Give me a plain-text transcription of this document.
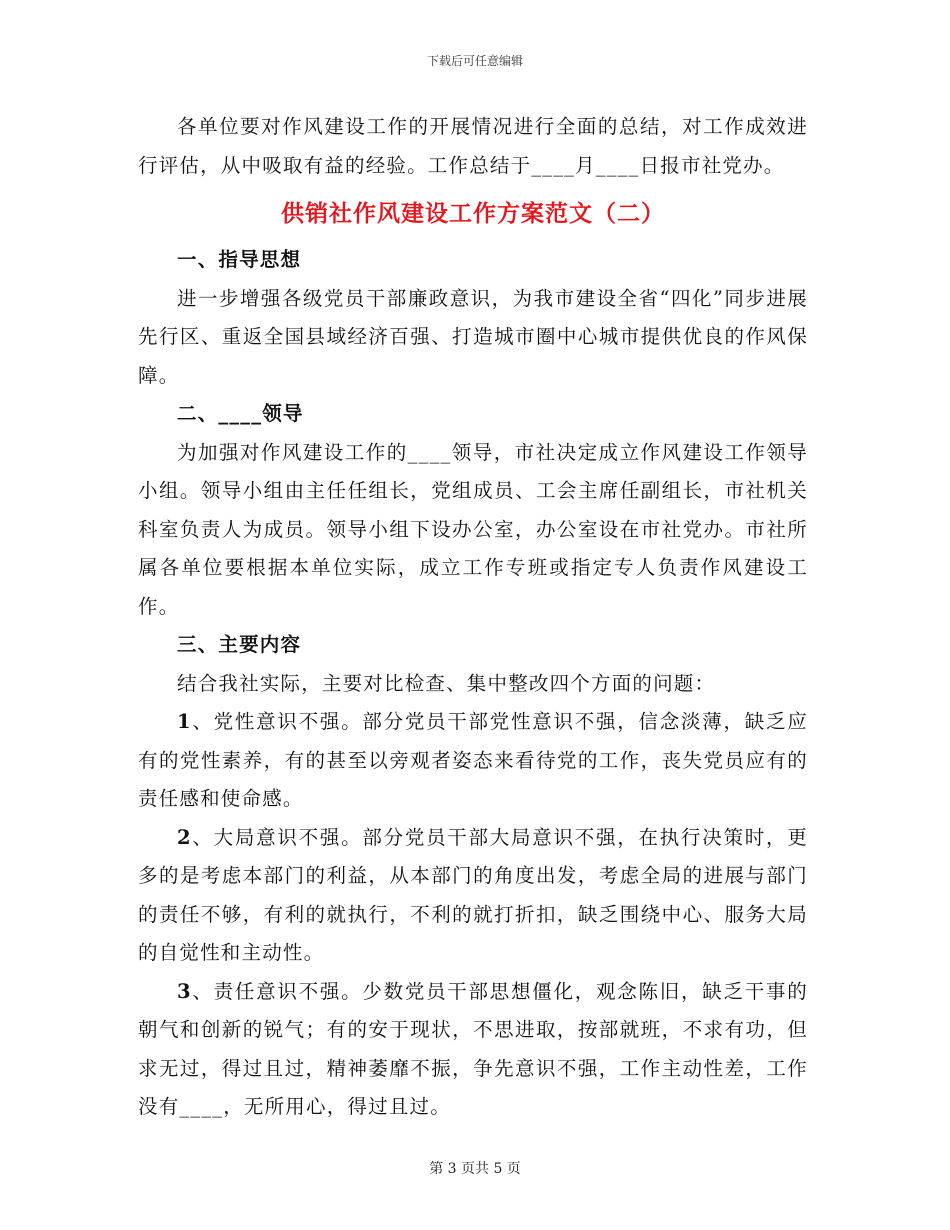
下载后可任意编辑

各单位要对作风建设工作的开展情况进行全面的总结，对工作成效进行评估，从中吸取有益的经验。工作总结于____月____日报市社党办。

供销社作风建设工作方案范文（二）

一、指导思想

进一步增强各级党员干部廉政意识，为我市建设全省“四化”同步进展先行区、重返全国县域经济百强、打造城市圈中心城市提供优良的作风保障。

二、____领导

为加强对作风建设工作的____领导，市社决定成立作风建设工作领导小组。领导小组由主任任组长，党组成员、工会主席任副组长，市社机关科室负责人为成员。领导小组下设办公室，办公室设在市社党办。市社所属各单位要根据本单位实际，成立工作专班或指定专人负责作风建设工作。

三、主要内容

结合我社实际，主要对比检查、集中整改四个方面的问题：

1、党性意识不强。部分党员干部党性意识不强，信念淡薄，缺乏应有的党性素养，有的甚至以旁观者姿态来看待党的工作，丧失党员应有的责任感和使命感。

2、大局意识不强。部分党员干部大局意识不强，在执行决策时，更多的是考虑本部门的利益，从本部门的角度出发，考虑全局的进展与部门的责任不够，有利的就执行，不利的就打折扣，缺乏围绕中心、服务大局的自觉性和主动性。

3、责任意识不强。少数党员干部思想僵化，观念陈旧，缺乏干事的朝气和创新的锐气；有的安于现状，不思进取，按部就班，不求有功，但求无过，得过且过，精神萎靡不振，争先意识不强，工作主动性差，工作没有____，无所用心，得过且过。

第 3 页共 5 页
